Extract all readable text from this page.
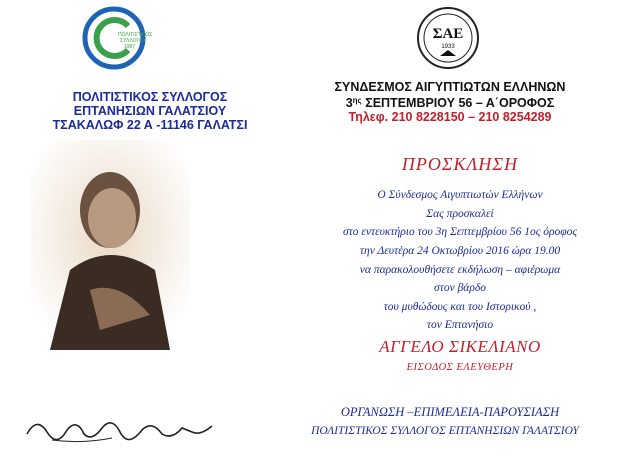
ΠΟΛΙΤΙΣΤΙΚΟΣ
ΣΥΛΛΟΓΟΣ
1987
ΣΑΕ
1933
ΠΟΛΙΤΙΣΤΙΚΟΣ ΣΥΛΛΟΓΟΣ
ΕΠΤΑΝΗΣΙΩΝ ΓΑΛΑΤΣΙΟΥ
ΤΣΑΚΑΛΩΦ 22 Α -11146 ΓΑΛΑΤΣΙ
ΣΥΝΔΕΣΜΟΣ ΑΙΓΥΠΤΙΩΤΩΝ ΕΛΛΗΝΩΝ
$3^{\eta\varsigma}$ ΣΕΠΤΕΜΒΡΙΟΥ 56 – Α΄ΟΡΟΦΟΣ
Τηλεφ. 210 8228150 – 210 8254289
ΠΡΟΣΚΛΗΣΗ
Ο Σύνδεσμος Αιγυπτιωτών Ελλήνων
Σας προσκαλεί
στο εντευκτήριο του 3η Σεπτεμβρίου 56 1ος όροφος
την Δευτέρα 24 Οκτωβρίου 2016 ώρα 19.00
να παρακολουθήσετε εκδήλωση – αφιέρωμα
στον βάρδο
του μυθώδους και του Ιστορικού ,
τον Επτανήσιο
ΑΓΓΕΛΟ ΣΙΚΕΛΙΑΝΟ
ΕΙΣΟΔΟΣ ΕΛΕΥΘΕΡΗ
ΟΡΓΑΝΩΣΗ –ΕΠΙΜΕΛΕΙΑ-ΠΑΡΟΥΣΙΑΣΗ
ΠΟΛΙΤΙΣΤΙΚΟΣ ΣΥΛΛΟΓΟΣ ΕΠΤΑΝΗΣΙΩΝ ΓΑΛΑΤΣΙΟΥ
